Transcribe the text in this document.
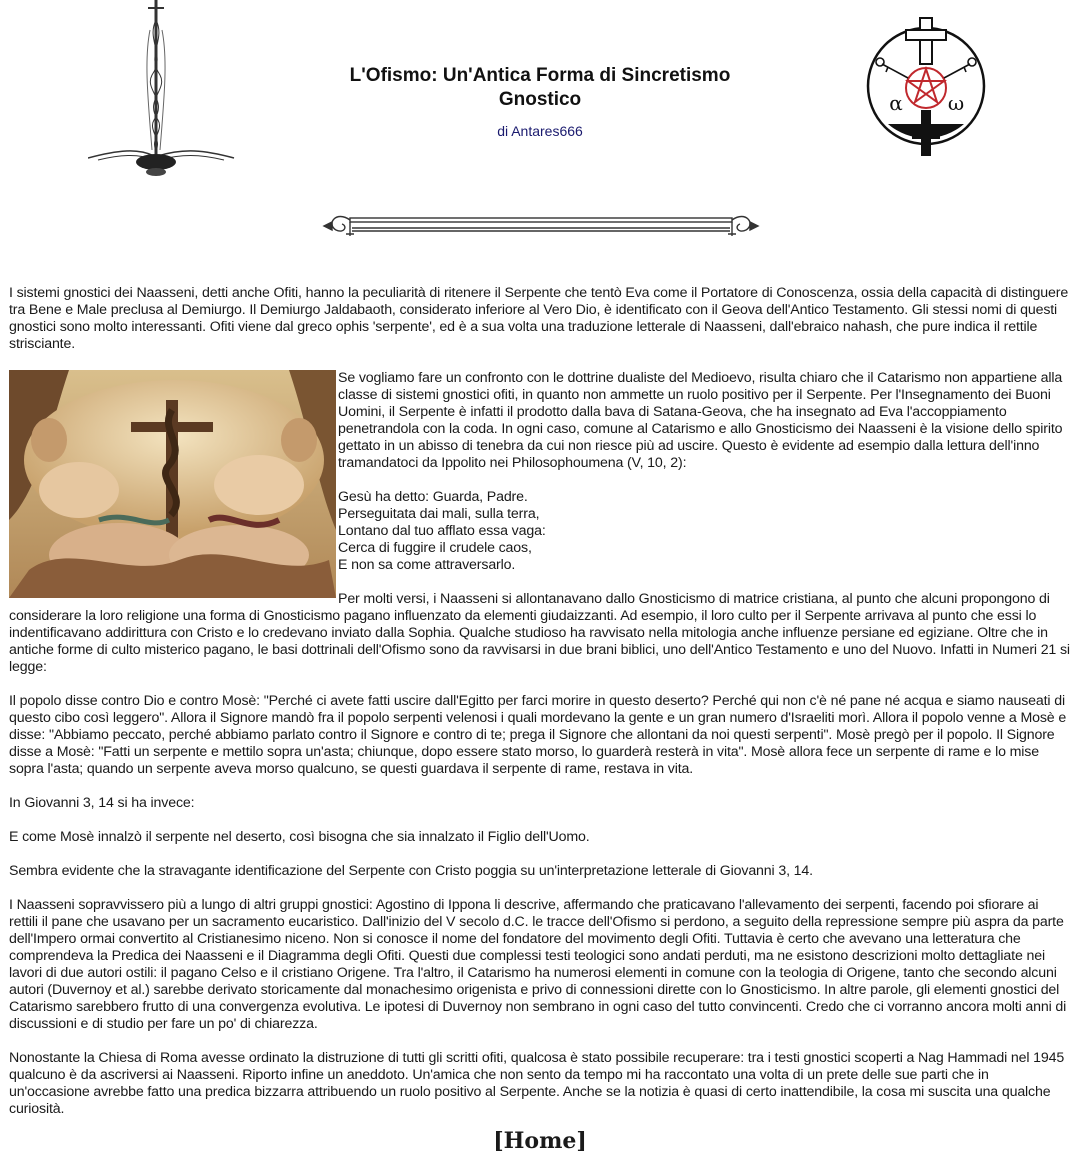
L'Ofismo: Un'Antica Forma di Sincretismo
Gnostico
di Antares666
α ω

I sistemi gnostici dei Naasseni, detti anche Ofiti, hanno la peculiarità di ritenere il Serpente che tentò Eva come il Portatore di Conoscenza, ossia della capacità di distinguere tra Bene e Male preclusa al Demiurgo. Il Demiurgo Jaldabaoth, considerato inferiore al Vero Dio, è identificato con il Geova dell'Antico Testamento. Gli stessi nomi di questi gnostici sono molto interessanti. Ofiti viene dal greco ophis 'serpente', ed è a sua volta una traduzione letterale di Naasseni, dall'ebraico nahash, che pure indica il rettile strisciante.

Se vogliamo fare un confronto con le dottrine dualiste del Medioevo, risulta chiaro che il Catarismo non appartiene alla classe di sistemi gnostici ofiti, in quanto non ammette un ruolo positivo per il Serpente. Per l'Insegnamento dei Buoni Uomini, il Serpente è infatti il prodotto dalla bava di Satana-Geova, che ha insegnato ad Eva l'accoppiamento penetrandola con la coda. In ogni caso, comune al Catarismo e allo Gnosticismo dei Naasseni è la visione dello spirito gettato in un abisso di tenebra da cui non riesce più ad uscire. Questo è evidente ad esempio dalla lettura dell'inno tramandatoci da Ippolito nei Philosophoumena (V, 10, 2):

Gesù ha detto: Guarda, Padre.
Perseguitata dai mali, sulla terra,
Lontano dal tuo afflato essa vaga:
Cerca di fuggire il crudele caos,
E non sa come attraversarlo.

Per molti versi, i Naasseni si allontanavano dallo Gnosticismo di matrice cristiana, al punto che alcuni propongono di considerare la loro religione una forma di Gnosticismo pagano influenzato da elementi giudaizzanti. Ad esempio, il loro culto per il Serpente arrivava al punto che essi lo indentificavano addirittura con Cristo e lo credevano inviato dalla Sophia. Qualche studioso ha ravvisato nella mitologia anche influenze persiane ed egiziane. Oltre che in antiche forme di culto misterico pagano, le basi dottrinali dell'Ofismo sono da ravvisarsi in due brani biblici, uno dell'Antico Testamento e uno del Nuovo. Infatti in Numeri 21 si legge:

Il popolo disse contro Dio e contro Mosè: "Perché ci avete fatti uscire dall'Egitto per farci morire in questo deserto? Perché qui non c'è né pane né acqua e siamo nauseati di questo cibo così leggero". Allora il Signore mandò fra il popolo serpenti velenosi i quali mordevano la gente e un gran numero d'Israeliti morì. Allora il popolo venne a Mosè e disse: "Abbiamo peccato, perché abbiamo parlato contro il Signore e contro di te; prega il Signore che allontani da noi questi serpenti". Mosè pregò per il popolo. Il Signore disse a Mosè: "Fatti un serpente e mettilo sopra un'asta; chiunque, dopo essere stato morso, lo guarderà resterà in vita". Mosè allora fece un serpente di rame e lo mise sopra l'asta; quando un serpente aveva morso qualcuno, se questi guardava il serpente di rame, restava in vita.

In Giovanni 3, 14 si ha invece:

E come Mosè innalzò il serpente nel deserto, così bisogna che sia innalzato il Figlio dell'Uomo.

Sembra evidente che la stravagante identificazione del Serpente con Cristo poggia su un'interpretazione letterale di Giovanni 3, 14.

I Naasseni sopravvissero più a lungo di altri gruppi gnostici: Agostino di Ippona li descrive, affermando che praticavano l'allevamento dei serpenti, facendo poi sfiorare ai rettili il pane che usavano per un sacramento eucaristico. Dall'inizio del V secolo d.C. le tracce dell'Ofismo si perdono, a seguito della repressione sempre più aspra da parte dell'Impero ormai convertito al Cristianesimo niceno. Non si conosce il nome del fondatore del movimento degli Ofiti. Tuttavia è certo che avevano una letteratura che comprendeva la Predica dei Naasseni e il Diagramma degli Ofiti. Questi due complessi testi teologici sono andati perduti, ma ne esistono descrizioni molto dettagliate nei lavori di due autori ostili: il pagano Celso e il cristiano Origene. Tra l'altro, il Catarismo ha numerosi elementi in comune con la teologia di Origene, tanto che secondo alcuni autori (Duvernoy et al.) sarebbe derivato storicamente dal monachesimo origenista e privo di connessioni dirette con lo Gnosticismo. In altre parole, gli elementi gnostici del Catarismo sarebbero frutto di una convergenza evolutiva. Le ipotesi di Duvernoy non sembrano in ogni caso del tutto convincenti. Credo che ci vorranno ancora molti anni di discussioni e di studio per fare un po' di chiarezza.

Nonostante la Chiesa di Roma avesse ordinato la distruzione di tutti gli scritti ofiti, qualcosa è stato possibile recuperare: tra i testi gnostici scoperti a Nag Hammadi nel 1945 qualcuno è da ascriversi ai Naasseni. Riporto infine un aneddoto. Un'amica che non sento da tempo mi ha raccontato una volta di un prete delle sue parti che in un'occasione avrebbe fatto una predica bizzarra attribuendo un ruolo positivo al Serpente. Anche se la notizia è quasi di certo inattendibile, la cosa mi suscita una qualche curiosità.

[Home]
